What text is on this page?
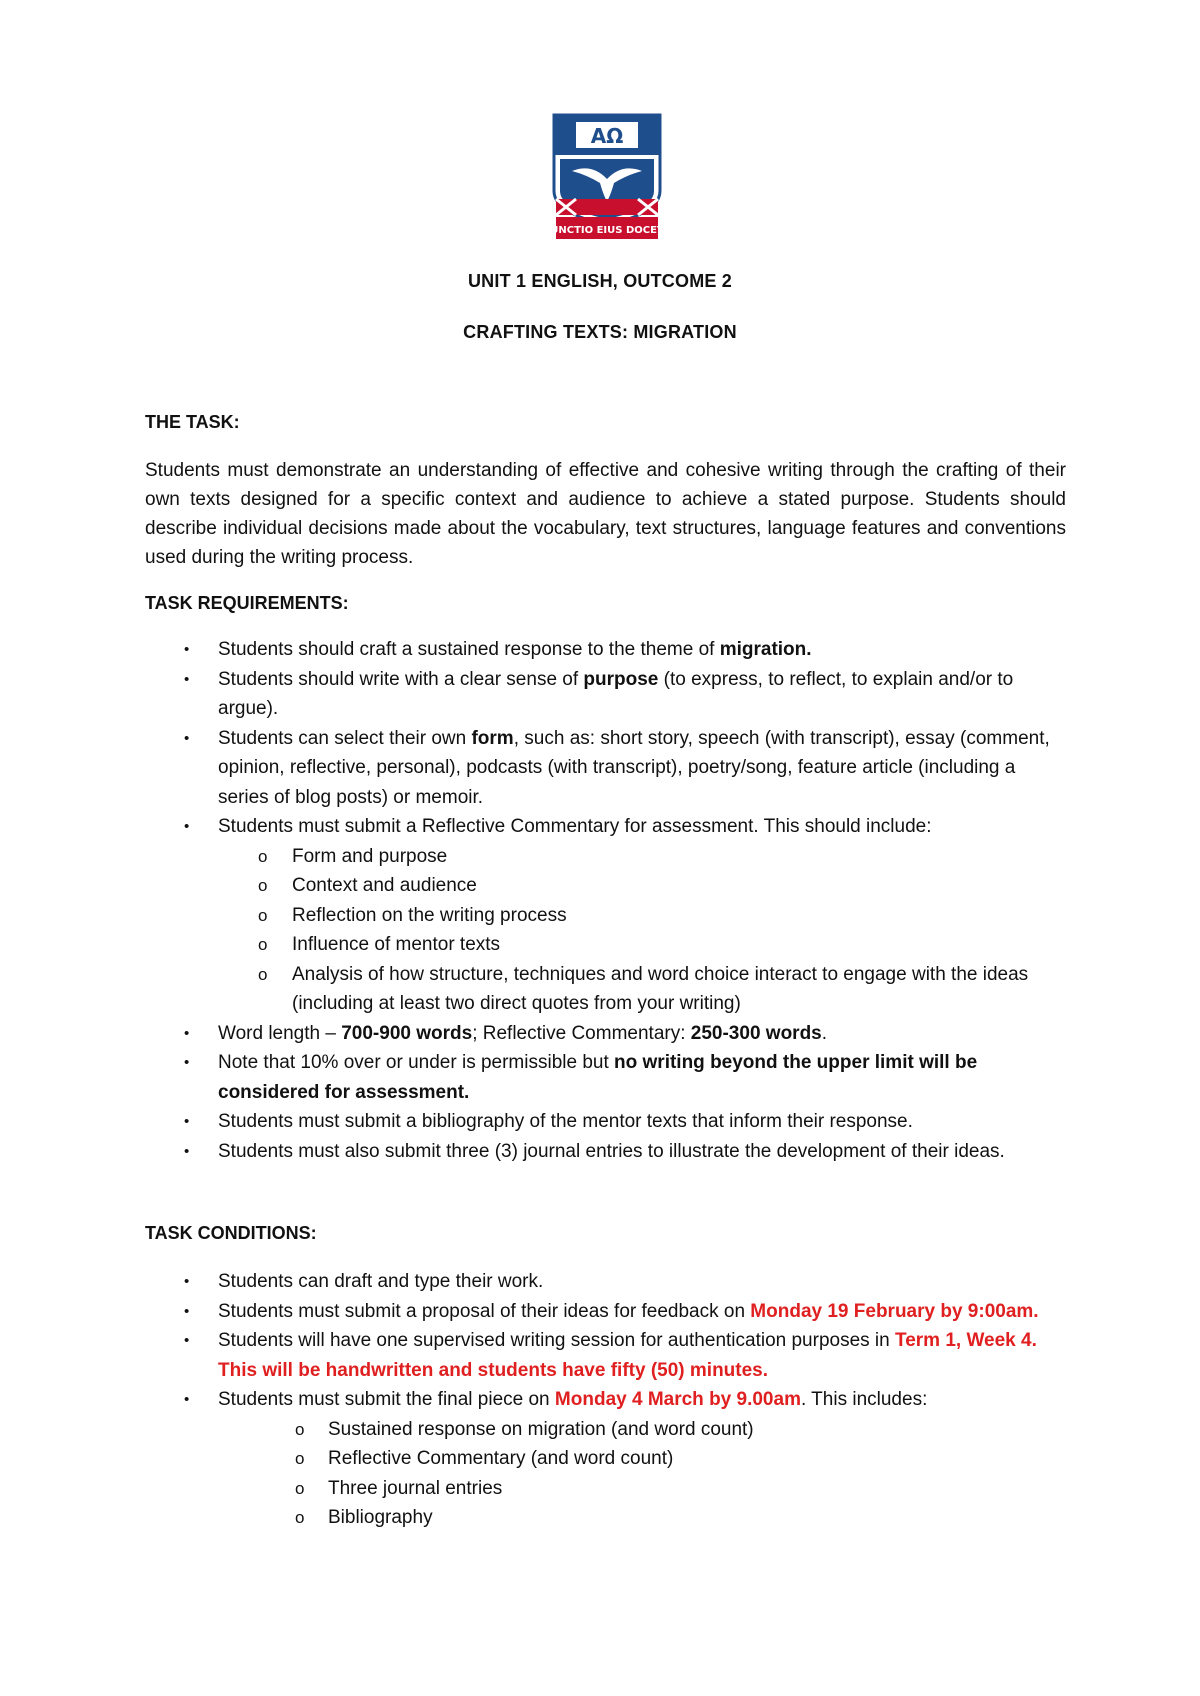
AΩ
UNCTIO EIUS DOCET
UNIT 1 ENGLISH, OUTCOME 2
CRAFTING TEXTS: MIGRATION
THE TASK:
Students must demonstrate an understanding of effective and cohesive writing through the crafting of their own texts designed for a specific context and audience to achieve a stated purpose. Students should describe individual decisions made about the vocabulary, text structures, language features and conventions used during the writing process.
TASK REQUIREMENTS:
• Students should craft a sustained response to the theme of migration.
• Students should write with a clear sense of purpose (to express, to reflect, to explain and/or to argue).
• Students can select their own form, such as: short story, speech (with transcript), essay (comment, opinion, reflective, personal), podcasts (with transcript), poetry/song, feature article (including a series of blog posts) or memoir.
• Students must submit a Reflective Commentary for assessment. This should include:
o Form and purpose
o Context and audience
o Reflection on the writing process
o Influence of mentor texts
o Analysis of how structure, techniques and word choice interact to engage with the ideas (including at least two direct quotes from your writing)
• Word length – 700-900 words; Reflective Commentary: 250-300 words.
• Note that 10% over or under is permissible but no writing beyond the upper limit will be considered for assessment.
• Students must submit a bibliography of the mentor texts that inform their response.
• Students must also submit three (3) journal entries to illustrate the development of their ideas.
TASK CONDITIONS:
• Students can draft and type their work.
• Students must submit a proposal of their ideas for feedback on Monday 19 February by 9:00am.
• Students will have one supervised writing session for authentication purposes in Term 1, Week 4. This will be handwritten and students have fifty (50) minutes.
• Students must submit the final piece on Monday 4 March by 9.00am. This includes:
o Sustained response on migration (and word count)
o Reflective Commentary (and word count)
o Three journal entries
o Bibliography
